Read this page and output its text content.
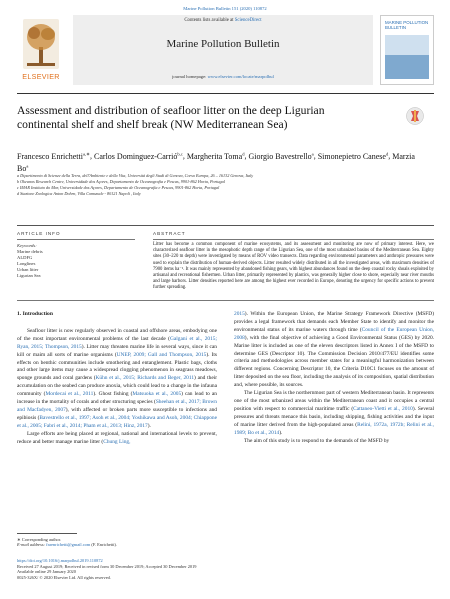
Marine Pollution Bulletin 151 (2020) 110872
ELSEVIER
Contents lists available at ScienceDirect
Marine Pollution Bulletin
journal homepage: www.elsevier.com/locate/marpolbul
MARINE POLLUTION BULLETIN
Assessment and distribution of seafloor litter on the deep Ligurian continental shelf and shelf break (NW Mediterranean Sea)
Francesco Enrichetti$^{a,∗}$, Carlos Dominguez-Carrió$^{b,c}$, Margherita Toma$^d$, Giorgio Bavestrello$^a$, Simonepietro Canese$^d$, Marzia Bo$^a$
a Dipartimento di Scienze della Terra, dell'Ambiente e della Vita, Università degli Studi di Genova, Corso Europa, 26 – 16132 Genova, Italy
b Okeanos Research Centre, Universidade dos Açores, Departamento de Oceanografia e Pescas, 9901-862 Horta, Portugal
c IMAR Instituto do Mar, Universidade dos Açores, Departamento de Oceanografia e Pescas, 9901-862 Horta, Portugal
d Stazione Zoologica Anton Dohrn, Villa Comunale - 80121 Napoli , Italy
ARTICLE INFO	ABSTRACT
Keywords:
Marine debris
ALDFG
Longlines
Urban litter
Ligurian Sea
Litter has become a common component of marine ecosystems, and its assessment and monitoring are now of primary interest. Here, we characterized seafloor litter in the mesophotic depth range of the Ligurian Sea, one of the most urbanized basins of the Mediterranean Sea. Eighty sites (30–220 m depth) were investigated by means of ROV video transects. Data regarding environmental parameters and anthropic pressures were used to explain the distribution of human-derived objects. Litter resulted widely distributed in all the investigated areas, with maximum densities of 7900 items ha⁻¹. It was mainly represented by abandoned fishing gears, with highest abundances found on the deep coastal rocky shoals exploited by artisanal and recreational fishermen. Urban litter, primarily represented by plastics, was generally higher close to shore, especially near river mouths and large harbors. Litter densities reported here are among the highest ever recorded in Europe, denoting the urgency for specific actions to prevent further spreading.
1. Introduction

Seafloor litter is now regularly observed in coastal and offshore areas, embodying one of the most important environmental problems of the last decade (Galgani et al., 2015; Ryan, 2015; Thompson, 2015). Litter may threaten marine life in several ways, since it can kill or maim all sorts of marine organisms (UNEP, 2009; Gall and Thompson, 2015). Its effects on benthic communities include smothering and entanglement. Plastic bags, cloths and other large items may cause a widespread clogging phenomenon in seagrass meadows, sponge grounds and coral gardens (Kühn et al., 2015; Richards and Beger, 2011) and their accumulation on the seabed can produce anoxia, which could lead to a change in the infauna community (Mordecai et al., 2011). Ghost fishing (Matsuoka et al., 2005) can lead to an increase in the mortality of corals and other structuring species (Sheehan et al., 2017; Brown and Macfadyen, 2007), with affected or broken parts more susceptible to infections and epibiosis (Bavestrello et al., 1997; Asoh et al., 2004; Yoshikawa and Asoh, 2004; Chiappone et al., 2005; Fabri et al., 2014; Pham et al., 2013; Hinz, 2017).

Large efforts are being placed at regional, national and international levels to prevent, reduce and better manage marine litter (Chung Ling,

2015). Within the European Union, the Marine Strategy Framework Directive (MSFD) provides a legal framework that demands each Member State to identify and monitor the environmental status of its marine waters through time (Council of the European Union, 2008), with the final objective of achieving a Good Environmental Status (GES) by 2020. Marine litter is included as one of the eleven descriptors listed in Annex I of the MSFD to determine GES (Descriptor 10). The Commission Decision 2010/477/EU identifies some criteria and methodologies across member states for a meaningful harmonization between different regions. Concerning Descriptor 10, the Criteria D10C1 focuses on the amount of litter deposited on the sea floor, including the analysis of its composition, spatial distribution and, where possible, its sources.

The Ligurian Sea is the northernmost part of western Mediterranean basin. It represents one of the most urbanized areas within the Mediterranean coast and it occupies a central position with respect to commercial maritime traffic (Cattaneo-Vietti et al., 2010). Several pressures and threats menace this basin, including shipping, fishing activities and the input of marine litter derived from the high-populated areas (Relini, 1972a, 1972b; Relini et al., 1989; Bo et al., 2014).

The aim of this study is to respond to the demands of the MSFD by

∗ Corresponding author.
E-mail address: fraenrichetti@gmail.com (F. Enrichetti).
https://doi.org/10.1016/j.marpolbul.2019.110872
Received 27 August 2019; Received in revised form 30 December 2019; Accepted 30 December 2019
Available online 29 January 2020
0025-326X/ © 2020 Elsevier Ltd. All rights reserved.
